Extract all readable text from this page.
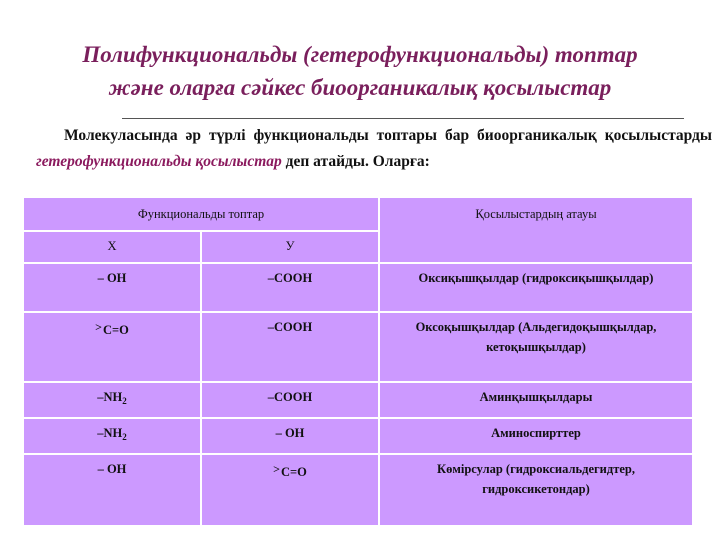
Полифункциональды (гетерофункциональды) топтар
және оларға сәйкес биоорганикалық қосылыстар
Молекуласында әр түрлі функциональды топтары бар биоорганикалық қосылыстарды гетерофункциональды қосылыстар деп атайды. Оларға:
Функциональды топтар		Қосылыстардың атауы
Х	У	
– ОН	–СООН	Оксиқышқылдар (гидроксиқышқылдар)
˃С=О	–СООН	Оксоқышқылдар (Альдегидоқышқылдар, кетоқышқылдар)
$-NH_2$	–СООН	Аминқышқылдары
$-NH_2$	– ОН	Аминоспирттер
– ОН	˃С=О	Көмірсулар (гидроксиальдегидтер, гидроксикетондар)
